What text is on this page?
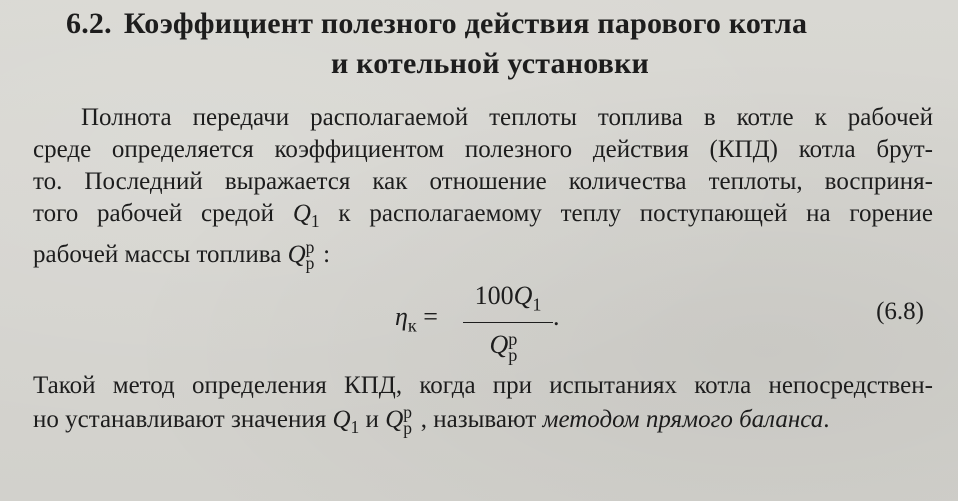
6.2. Коэффициент полезного действия парового котла
и котельной установки
Полнота передачи располагаемой теплоты топлива в котле к рабочей
среде определяется коэффициентом полезного действия (КПД) котла брут-
то. Последний выражается как отношение количества теплоты, восприня-
того рабочей средой $Q_1$ к располагаемому теплу поступающей на горение
рабочей массы топлива Q р
р :
$\eta_к$ =
$100Q_1$
Q р
р
.	(6.8)
Такой метод определения КПД, когда при испытаниях котла непосредствен-
но устанавливают значения $Q_1$ и Q р
р , называют методом прямого баланса.
